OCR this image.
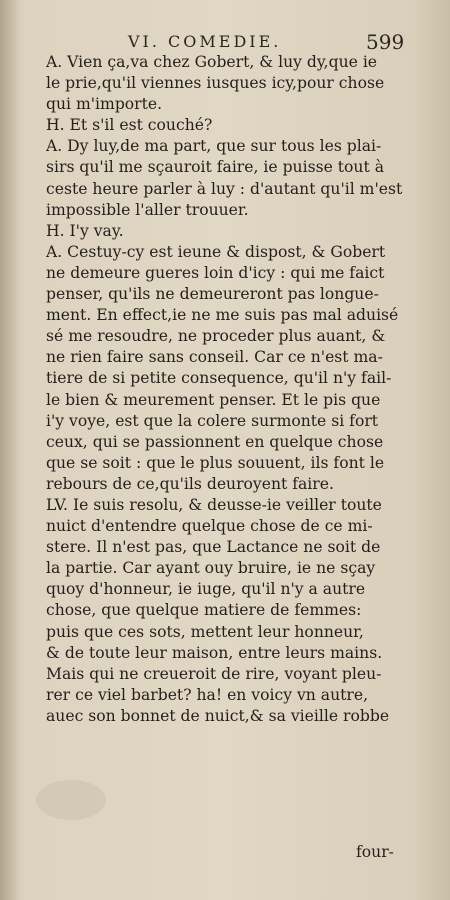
VI. COMEDIE.	599
A. Vien ça,va chez Gobert, & luy dy,que ie
le prie,qu'il viennes iusques icy,pour chose
qui m'importe.
H. Et s'il est couché?
A. Dy luy,de ma part, que sur tous les plai-
sirs qu'il me sçauroit faire, ie puisse tout à
ceste heure parler à luy : d'autant qu'il m'est
impossible l'aller trouuer.
H. I'y vay.
A. Cestuy-cy est ieune & dispost, & Gobert
ne demeure gueres loin d'icy : qui me faict
penser, qu'ils ne demeureront pas longue-
ment. En effect,ie ne me suis pas mal aduisé
sé me resoudre, ne proceder plus auant, &
ne rien faire sans conseil. Car ce n'est ma-
tiere de si petite consequence, qu'il n'y fail-
le bien & meurement penser. Et le pis que
i'y voye, est que la colere surmonte si fort
ceux, qui se passionnent en quelque chose
que se soit : que le plus souuent, ils font le
rebours de ce,qu'ils deuroyent faire.
LV. Ie suis resolu, & deusse-ie veiller toute
nuict d'entendre quelque chose de ce mi-
stere. Il n'est pas, que Lactance ne soit de
la partie. Car ayant ouy bruire, ie ne sçay
quoy d'honneur, ie iuge, qu'il n'y a autre
chose, que quelque matiere de femmes:
puis que ces sots, mettent leur honneur,
& de toute leur maison, entre leurs mains.
Mais qui ne creueroit de rire, voyant pleu-
rer ce viel barbet? ha! en voicy vn autre,
auec son bonnet de nuict,& sa vieille robbe
four-
